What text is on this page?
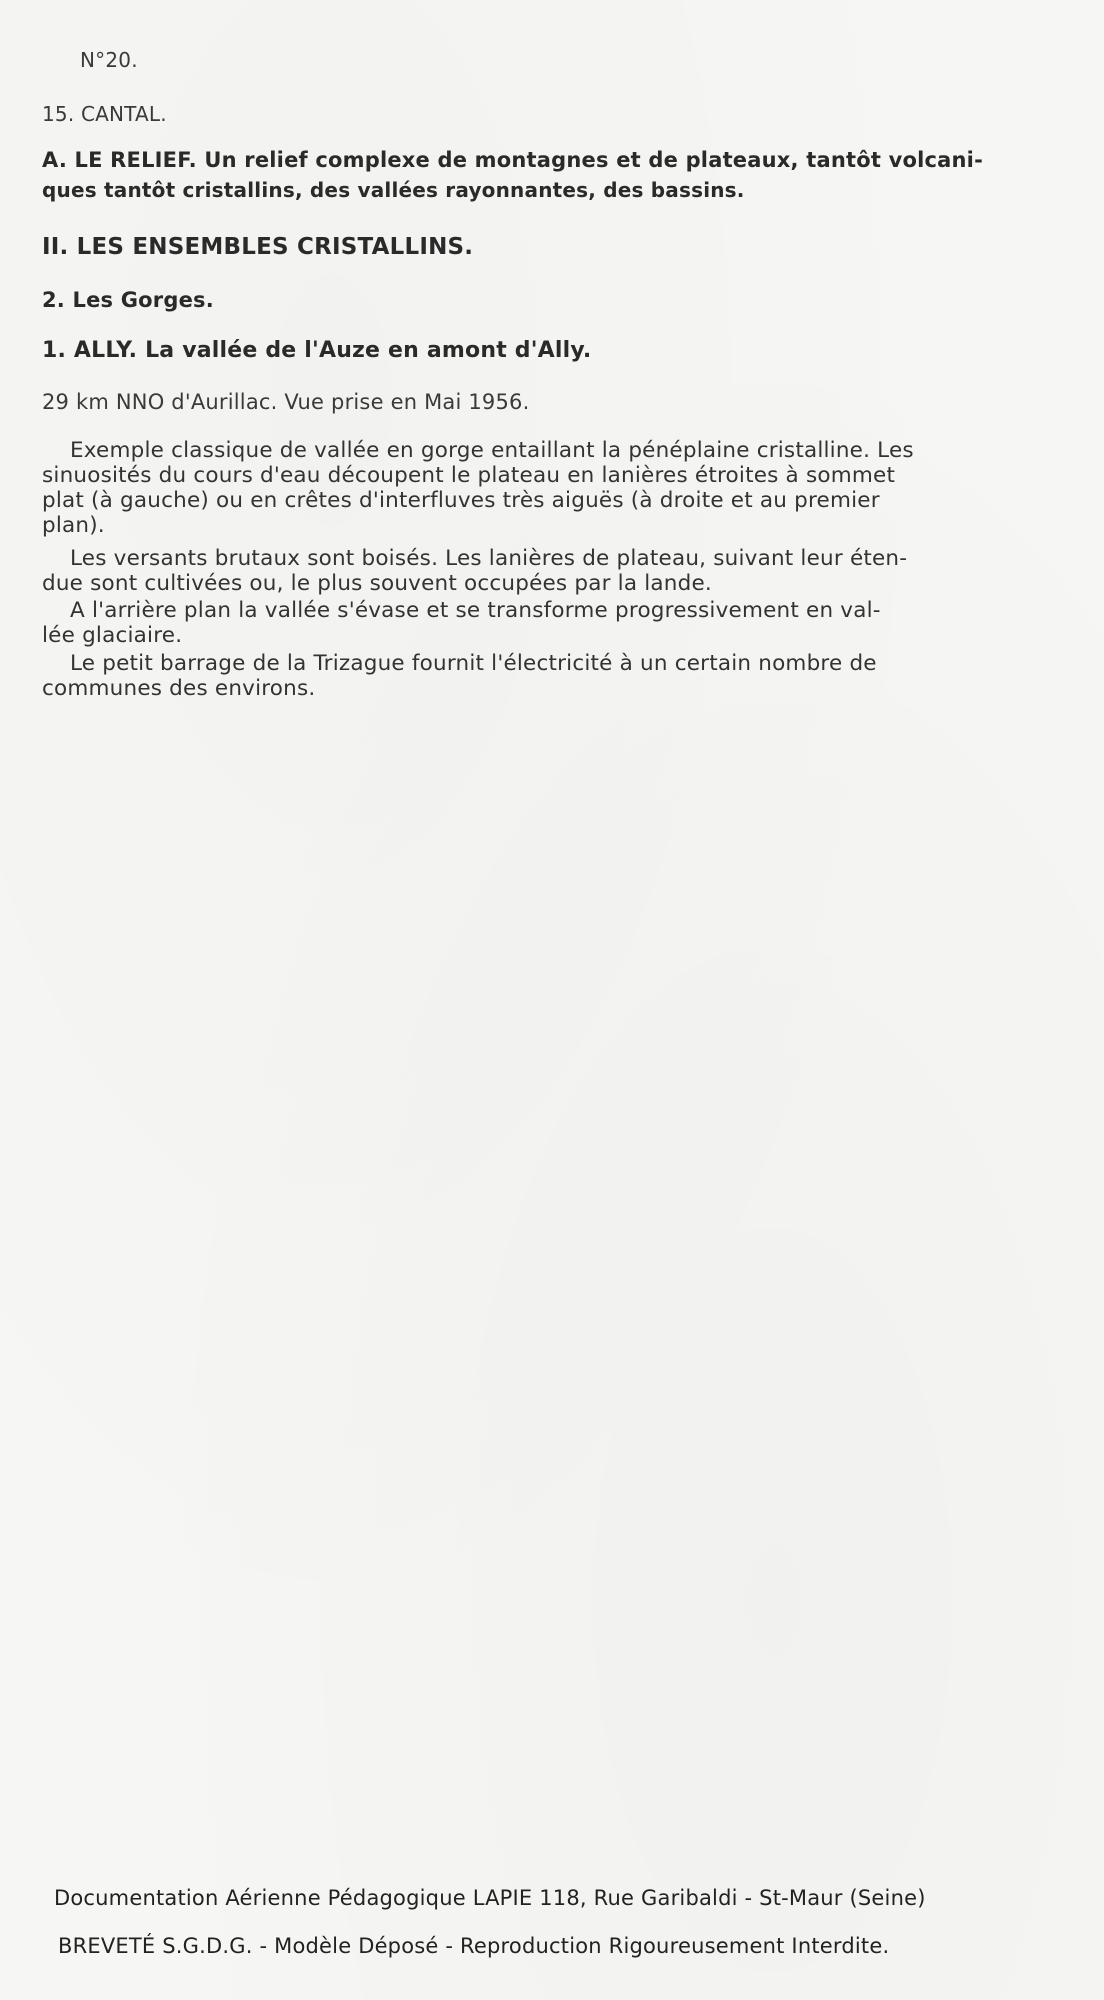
N°20.
15. CANTAL.
A. LE RELIEF. Un relief complexe de montagnes et de plateaux, tantôt volcani-
ques tantôt cristallins, des vallées rayonnantes, des bassins.
II. LES ENSEMBLES CRISTALLINS.
2. Les Gorges.
1. ALLY. La vallée de l'Auze en amont d'Ally.
29 km NNO d'Aurillac. Vue prise en Mai 1956.
Exemple classique de vallée en gorge entaillant la pénéplaine cristalline. Les
sinuosités du cours d'eau découpent le plateau en lanières étroites à sommet
plat (à gauche) ou en crêtes d'interfluves très aiguës (à droite et au premier
plan).
Les versants brutaux sont boisés. Les lanières de plateau, suivant leur éten-
due sont cultivées ou, le plus souvent occupées par la lande.
A l'arrière plan la vallée s'évase et se transforme progressivement en val-
lée glaciaire.
Le petit barrage de la Trizague fournit l'électricité à un certain nombre de
communes des environs.
Documentation Aérienne Pédagogique LAPIE 118, Rue Garibaldi - St-Maur (Seine)
BREVETÉ S.G.D.G. - Modèle Déposé - Reproduction Rigoureusement Interdite.
